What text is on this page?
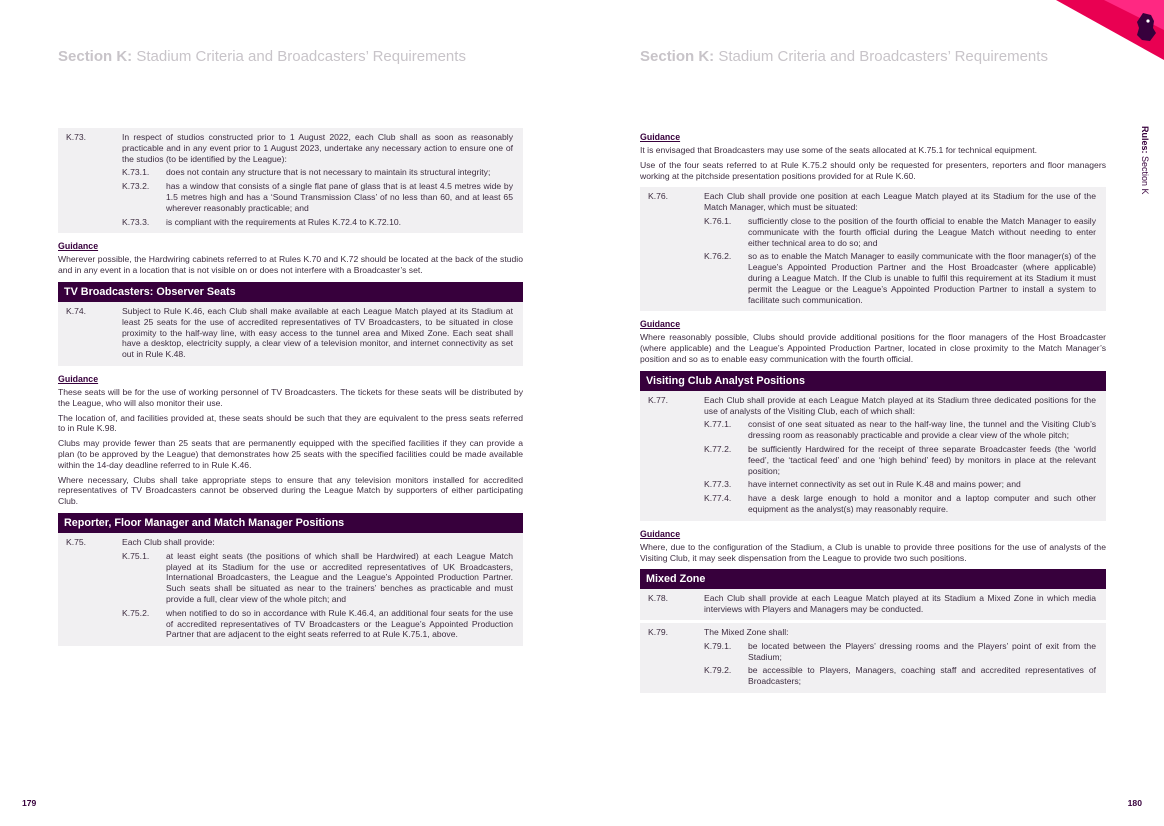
Section K: Stadium Criteria and Broadcasters’ Requirements	Section K: Stadium Criteria and Broadcasters’ Requirements
Rules: Section K
K.73.	In respect of studios constructed prior to 1 August 2022, each Club shall as soon as reasonably practicable and in any event prior to 1 August 2023, undertake any necessary action to ensure one of the studios (to be identified by the League):
K.73.1.	does not contain any structure that is not necessary to maintain its structural integrity;
K.73.2.	has a window that consists of a single flat pane of glass that is at least 4.5 metres wide by 1.5 metres high and has a ‘Sound Transmission Class’ of no less than 60, and at least 65 wherever reasonably practicable; and
K.73.3.	is compliant with the requirements at Rules K.72.4 to K.72.10.
Guidance

Wherever possible, the Hardwiring cabinets referred to at Rules K.70 and K.72 should be located at the back of the studio and in any event in a location that is not visible on or does not interfere with a Broadcaster’s set.

TV Broadcasters: Observer Seats
K.74.	Subject to Rule K.46, each Club shall make available at each League Match played at its Stadium at least 25 seats for the use of accredited representatives of TV Broadcasters, to be situated in close proximity to the half-way line, with easy access to the tunnel area and Mixed Zone. Each seat shall have a desktop, electricity supply, a clear view of a television monitor, and internet connectivity as set out in Rule K.48.
Guidance

These seats will be for the use of working personnel of TV Broadcasters. The tickets for these seats will be distributed by the League, who will also monitor their use.

The location of, and facilities provided at, these seats should be such that they are equivalent to the press seats referred to in Rule K.98.

Clubs may provide fewer than 25 seats that are permanently equipped with the specified facilities if they can provide a plan (to be approved by the League) that demonstrates how 25 seats with the specified facilities could be made available within the 14-day deadline referred to in Rule K.46.

Where necessary, Clubs shall take appropriate steps to ensure that any television monitors installed for accredited representatives of TV Broadcasters cannot be observed during the League Match by supporters of either participating Club.

Reporter, Floor Manager and Match Manager Positions
K.75.	Each Club shall provide:
K.75.1.	at least eight seats (the positions of which shall be Hardwired) at each League Match played at its Stadium for the use or accredited representatives of UK Broadcasters, International Broadcasters, the League and the League’s Appointed Production Partner. Such seats shall be situated as near to the trainers’ benches as practicable and must provide a full, clear view of the whole pitch; and
K.75.2.	when notified to do so in accordance with Rule K.46.4, an additional four seats for the use of accredited representatives of TV Broadcasters or the League’s Appointed Production Partner that are adjacent to the eight seats referred to at Rule K.75.1, above.
Guidance

It is envisaged that Broadcasters may use some of the seats allocated at K.75.1 for technical equipment.

Use of the four seats referred to at Rule K.75.2 should only be requested for presenters, reporters and floor managers working at the pitchside presentation positions provided for at Rule K.60.

K.76.	Each Club shall provide one position at each League Match played at its Stadium for the use of the Match Manager, which must be situated:
K.76.1.	sufficiently close to the position of the fourth official to enable the Match Manager to easily communicate with the fourth official during the League Match without needing to enter either technical area to do so; and
K.76.2.	so as to enable the Match Manager to easily communicate with the floor manager(s) of the League’s Appointed Production Partner and the Host Broadcaster (where applicable) during a League Match. If the Club is unable to fulfil this requirement at its Stadium it must permit the League or the League’s Appointed Production Partner to install a system to facilitate such communication.
Guidance

Where reasonably possible, Clubs should provide additional positions for the floor managers of the Host Broadcaster (where applicable) and the League’s Appointed Production Partner, located in close proximity to the Match Manager’s position and so as to enable easy communication with the fourth official.

Visiting Club Analyst Positions
K.77.	Each Club shall provide at each League Match played at its Stadium three dedicated positions for the use of analysts of the Visiting Club, each of which shall:
K.77.1.	consist of one seat situated as near to the half-way line, the tunnel and the Visiting Club’s dressing room as reasonably practicable and provide a clear view of the whole pitch;
K.77.2.	be sufficiently Hardwired for the receipt of three separate Broadcaster feeds (the ‘world feed’, the ‘tactical feed’ and one ‘high behind’ feed) by monitors in place at the relevant position;
K.77.3.	have internet connectivity as set out in Rule K.48 and mains power; and
K.77.4.	have a desk large enough to hold a monitor and a laptop computer and such other equipment as the analyst(s) may reasonably require.
Guidance

Where, due to the configuration of the Stadium, a Club is unable to provide three positions for the use of analysts of the Visiting Club, it may seek dispensation from the League to provide two such positions.

Mixed Zone
K.78.	Each Club shall provide at each League Match played at its Stadium a Mixed Zone in which media interviews with Players and Managers may be conducted.
K.79.	The Mixed Zone shall:
K.79.1.	be located between the Players’ dressing rooms and the Players’ point of exit from the Stadium;
K.79.2.	be accessible to Players, Managers, coaching staff and accredited representatives of Broadcasters;
179	180
